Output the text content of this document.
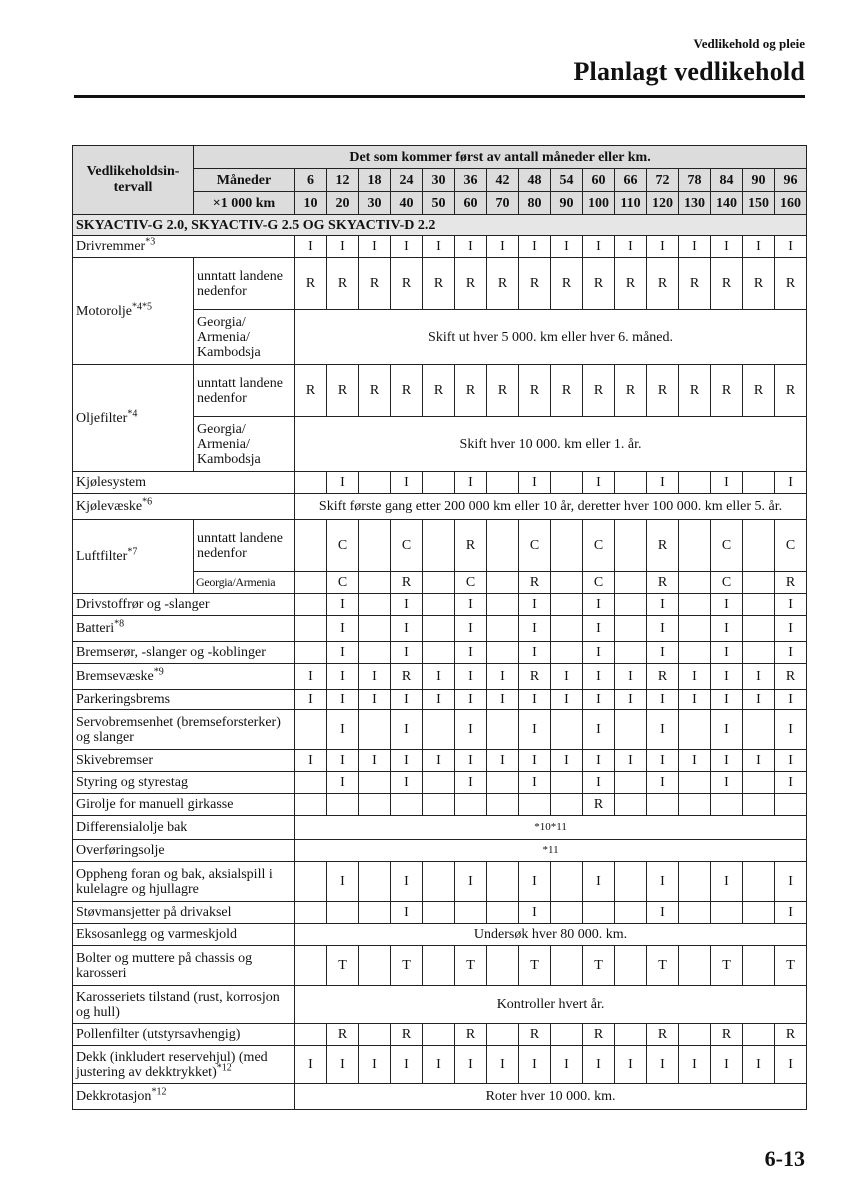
Vedlikehold og pleie
Planlagt vedlikehold
Vedlikeholdsin-tervall	Det som kommer først av antall måneder eller km.																
	Måneder	6	12	18	24	30	36	42	48	54	60	66	72	78	84	90	96
	×1 000 km	10	20	30	40	50	60	70	80	90	100	110	120	130	140	150	160
SKYACTIV-G 2.0, SKYACTIV-G 2.5 OG SKYACTIV-D 2.2																	
Drivremmer$^{*3}$		I	I	I	I	I	I	I	I	I	I	I	I	I	I	I	I
Motorolje$^{*4*5}$	unntatt landene nedenfor	R	R	R	R	R	R	R	R	R	R	R	R	R	R	R	R
	Georgia/ Armenia/ Kambodsja	Skift ut hver 5 000. km eller hver 6. måned.															
Oljefilter$^{*4}$	unntatt landene nedenfor	R	R	R	R	R	R	R	R	R	R	R	R	R	R	R	R
	Georgia/ Armenia/ Kambodsja	Skift hver 10 000. km eller 1. år.															
Kjølesystem			I		I		I		I		I		I		I		I
Kjølevæske$^{*6}$		Skift første gang etter 200 000 km eller 10 år, deretter hver 100 000. km eller 5. år.															
Luftfilter$^{*7}$	unntatt landene nedenfor		C		C		R		C		C		R		C		C
	Georgia/Armenia		C		R		C		R		C		R		C		R
Drivstoffrør og -slanger			I		I		I		I		I		I		I		I
Batteri$^{*8}$			I		I		I		I		I		I		I		I
Bremserør, -slanger og -koblinger			I		I		I		I		I		I		I		I
Bremsevæske$^{*9}$		I	I	I	R	I	I	I	R	I	I	I	R	I	I	I	R
Parkeringsbrems		I	I	I	I	I	I	I	I	I	I	I	I	I	I	I	I
Servobremsenhet (bremseforsterker) og slanger			I		I		I		I		I		I		I		I
Skivebremser		I	I	I	I	I	I	I	I	I	I	I	I	I	I	I	I
Styring og styrestag			I		I		I		I		I		I		I		I
Girolje for manuell girkasse											R						
Differensialolje bak		*10*11															
Overføringsolje		*11															
Oppheng foran og bak, aksialspill i kulelagre og hjullagre			I		I		I		I		I		I		I		I
Støvmansjetter på drivaksel					I				I				I				I
Eksosanlegg og varmeskjold		Undersøk hver 80 000. km.															
Bolter og muttere på chassis og karosseri			T		T		T		T		T		T		T		T
Karosseriets tilstand (rust, korrosjon og hull)		Kontroller hvert år.															
Pollenfilter (utstyrsavhengig)			R		R		R		R		R		R		R		R
Dekk (inkludert reservehjul) (med justering av dekktrykket)$^{*12}$		I	I	I	I	I	I	I	I	I	I	I	I	I	I	I	I
Dekkrotasjon$^{*12}$		Roter hver 10 000. km.															
6-13
